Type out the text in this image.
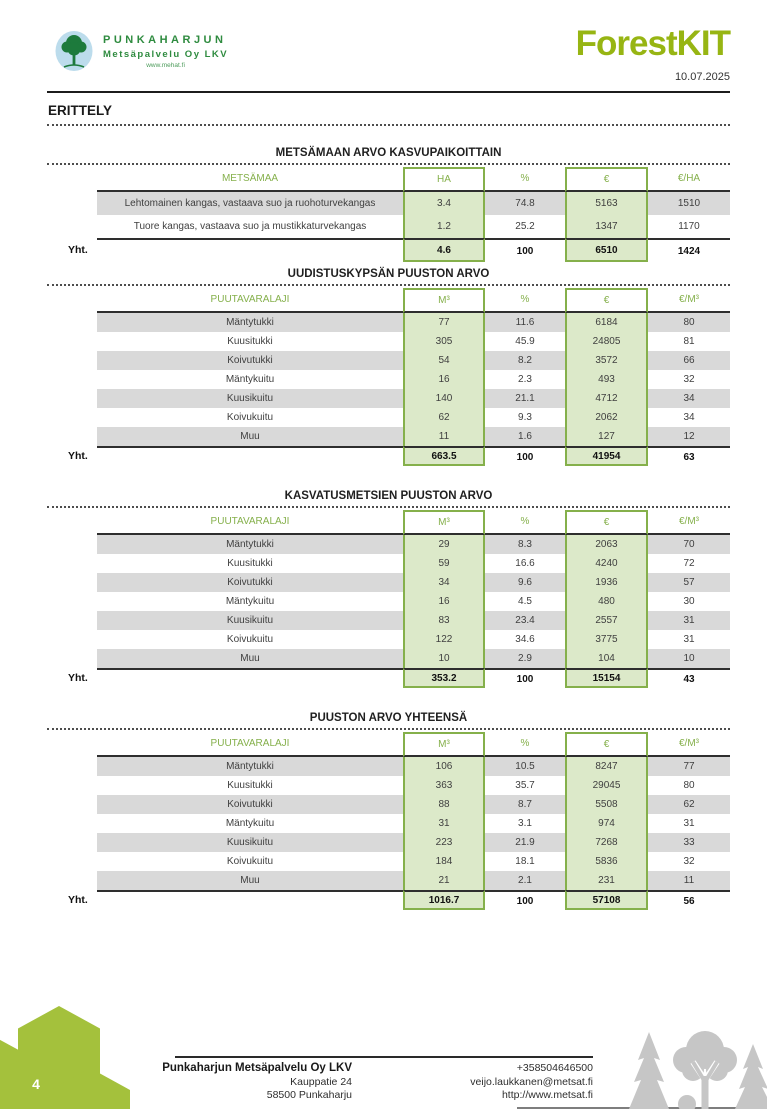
PUNKAHARJUN
Metsäpalvelu Oy LKV
www.mehat.fi
ForestKIT
10.07.2025
ERITTELY
METSÄMAAN ARVO KASVUPAIKOITTAIN
METSÄMAA	HA	%	€	€/HA
Lehtomainen kangas, vastaava suo ja ruohoturvekangas	3.4	74.8	5163	1510
Tuore kangas, vastaava suo ja mustikkaturvekangas	1.2	25.2	1347	1170
Yht.	4.6	100	6510	1424
UUDISTUSKYPSÄN PUUSTON ARVO
PUUTAVARALAJI	M³	%	€	€/M³
Mäntytukki	77	11.6	6184	80
Kuusitukki	305	45.9	24805	81
Koivutukki	54	8.2	3572	66
Mäntykuitu	16	2.3	493	32
Kuusikuitu	140	21.1	4712	34
Koivukuitu	62	9.3	2062	34
Muu	11	1.6	127	12
Yht.	663.5	100	41954	63
KASVATUSMETSIEN PUUSTON ARVO
PUUTAVARALAJI	M³	%	€	€/M³
Mäntytukki	29	8.3	2063	70
Kuusitukki	59	16.6	4240	72
Koivutukki	34	9.6	1936	57
Mäntykuitu	16	4.5	480	30
Kuusikuitu	83	23.4	2557	31
Koivukuitu	122	34.6	3775	31
Muu	10	2.9	104	10
Yht.	353.2	100	15154	43
PUUSTON ARVO YHTEENSÄ
PUUTAVARALAJI	M³	%	€	€/M³
Mäntytukki	106	10.5	8247	77
Kuusitukki	363	35.7	29045	80
Koivutukki	88	8.7	5508	62
Mäntykuitu	31	3.1	974	31
Kuusikuitu	223	21.9	7268	33
Koivukuitu	184	18.1	5836	32
Muu	21	2.1	231	11
Yht.	1016.7	100	57108	56
Punkaharjun Metsäpalvelu Oy LKV
Kauppatie 24
58500 Punkaharju
+358504646500
veijo.laukkanen@metsat.fi
http://www.metsat.fi
4
